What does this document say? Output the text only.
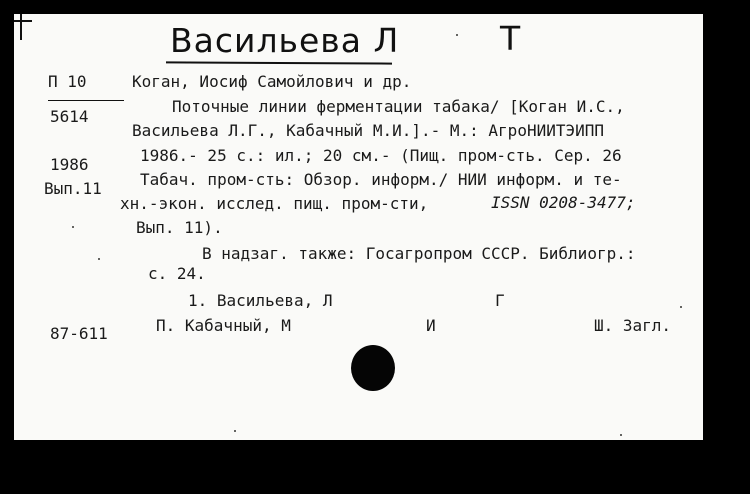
Васильева Л	Т
П 10
5614
1986
Вып.11
87-611
Коган, Иосиф Самойлович и др.
Поточные линии ферментации табака/ [Коган И.С.,
Васильева Л.Г., Кабачный М.И.].- М.: АгроНИИТЭИПП
1986.- 25 с.: ил.; 20 см.- (Пищ. пром-сть. Сер. 26
Табач. пром-сть: Обзор. информ./ НИИ информ. и те-
хн.-экон. исслед. пищ. пром-сти,	ISSN 0208-3477;
Вып. 11).
В надзаг. также: Госагропром СССР. Библиогр.:
с. 24.
1. Васильева, Л	Г
П. Кабачный, М	И	Ш. Загл.
